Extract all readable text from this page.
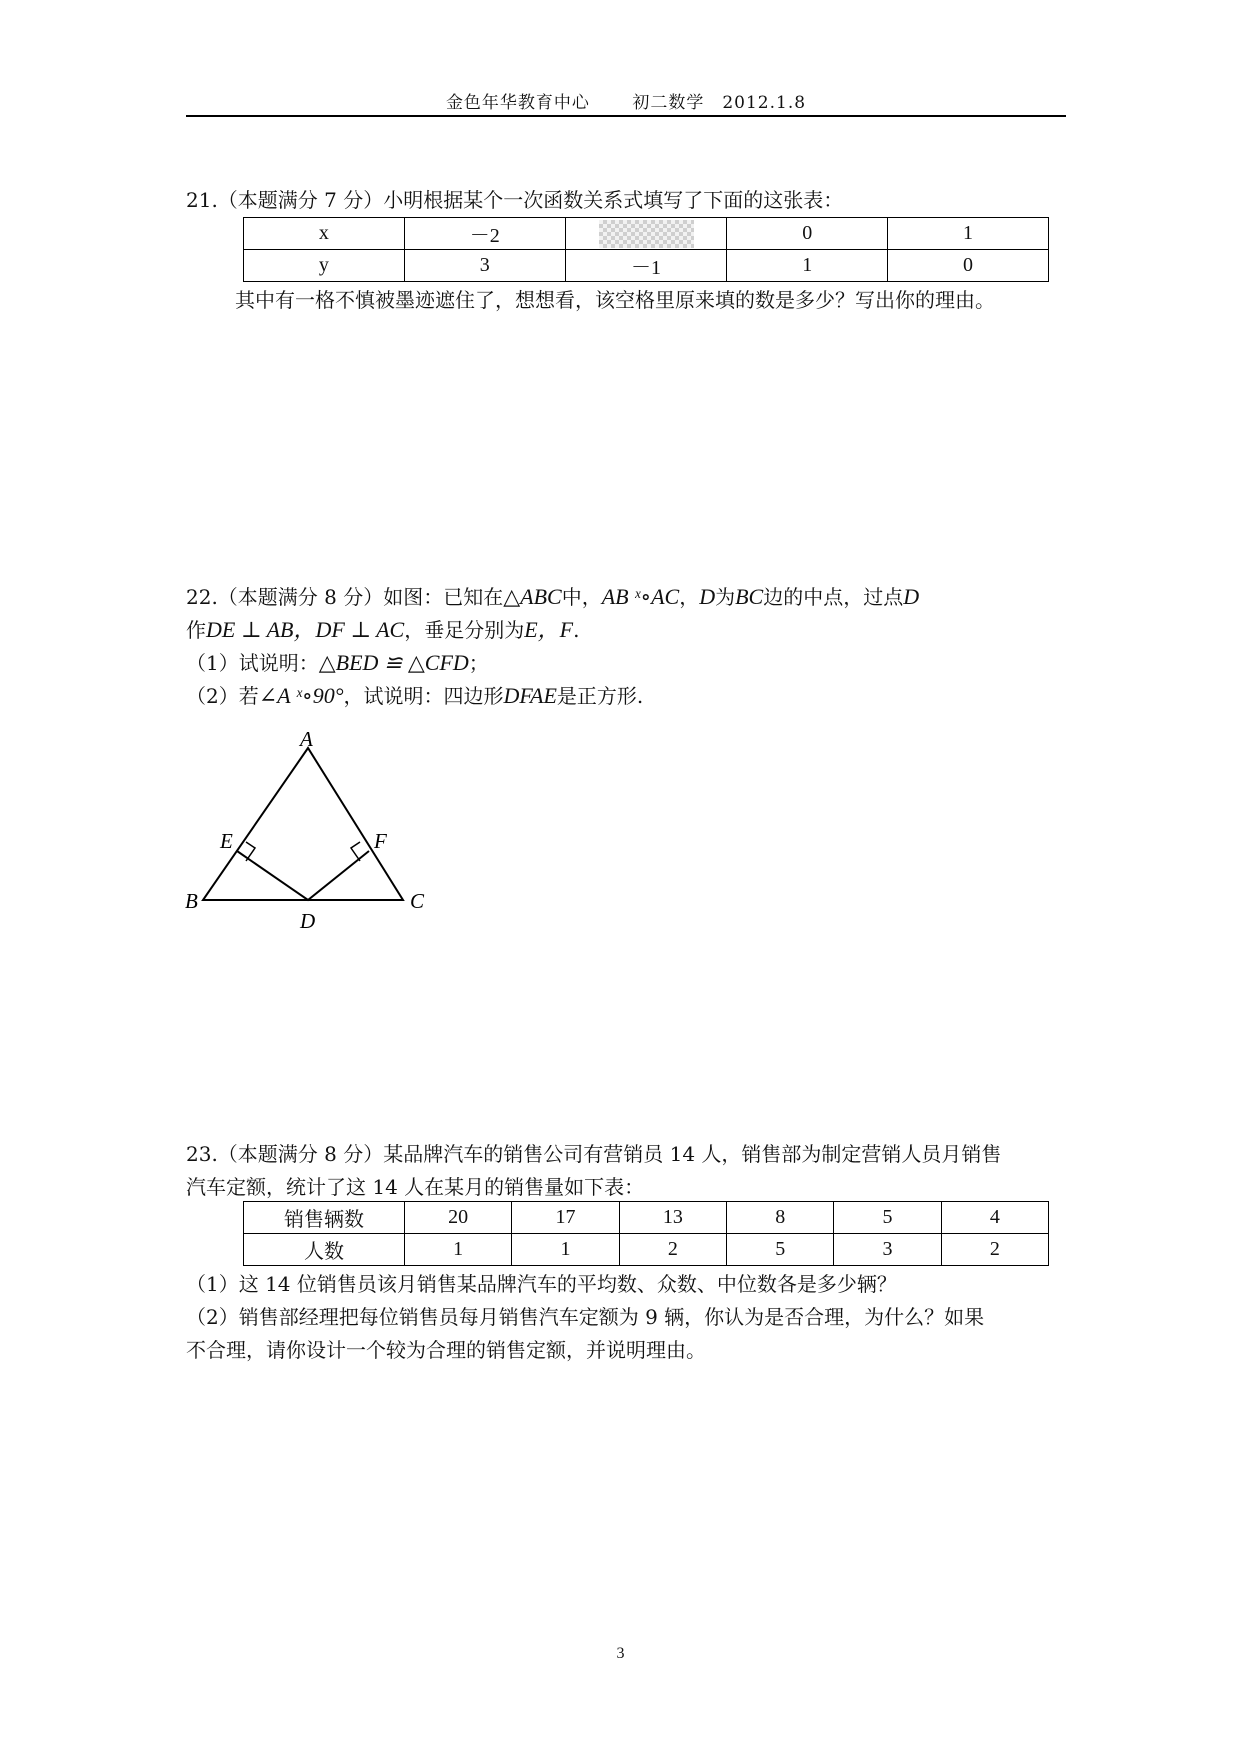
金色年华教育中心　 初二数学　2012.1.8

21.（本题满分 7 分）小明根据某个一次函数关系式填写了下面的这张表：

x	－2		0	1
y	3	－1	1	0

其中有一格不慎被墨迹遮住了，想想看，该空格里原来填的数是多少？写出你的理由。

22.（本题满分 8 分）如图：已知在△ABC中，AB ˣ∘AC，D为BC边的中点，过点D

作DE ⊥ AB，DF ⊥ AC，垂足分别为E，F.

（1）试说明：△BED ≌ △CFD；

（2）若∠A ˣ∘90°，试说明：四边形DFAE是正方形.

A
E	F
B	C
D

23.（本题满分 8 分）某品牌汽车的销售公司有营销员 14 人，销售部为制定营销人员月销售

汽车定额，统计了这 14 人在某月的销售量如下表：

销售辆数	20	17	13	8	5	4
人数	1	1	2	5	3	2

（1）这 14 位销售员该月销售某品牌汽车的平均数、众数、中位数各是多少辆？

（2）销售部经理把每位销售员每月销售汽车定额为 9 辆，你认为是否合理，为什么？如果

不合理，请你设计一个较为合理的销售定额，并说明理由。

3
